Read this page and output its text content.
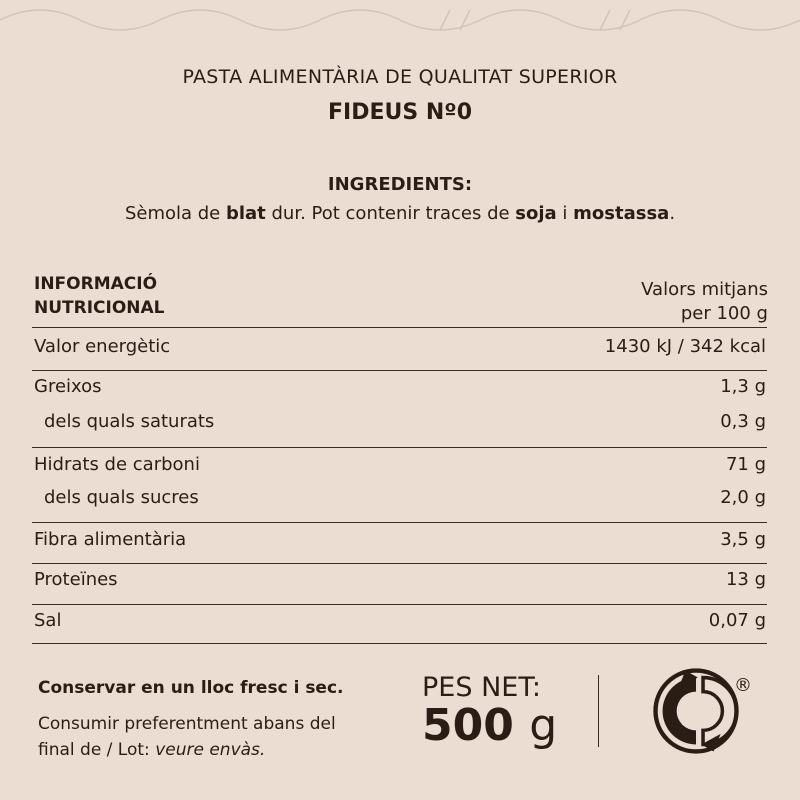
PASTA ALIMENTÀRIA DE QUALITAT SUPERIOR
FIDEUS Nº0
INGREDIENTS:
Sèmola de blat dur. Pot contenir traces de soja i mostassa.
INFORMACIÓ
NUTRICIONAL
Valors mitjans
per 100 g
Valor energètic	1430 kJ / 342 kcal
Greixos	1,3 g
dels quals saturats	0,3 g
Hidrats de carboni	71 g
dels quals sucres	2,0 g
Fibra alimentària	3,5 g
Proteïnes	13 g
Sal	0,07 g
Conservar en un lloc fresc i sec.
Consumir preferentment abans del
final de / Lot: veure envàs.
PES NET:
500 g
®
